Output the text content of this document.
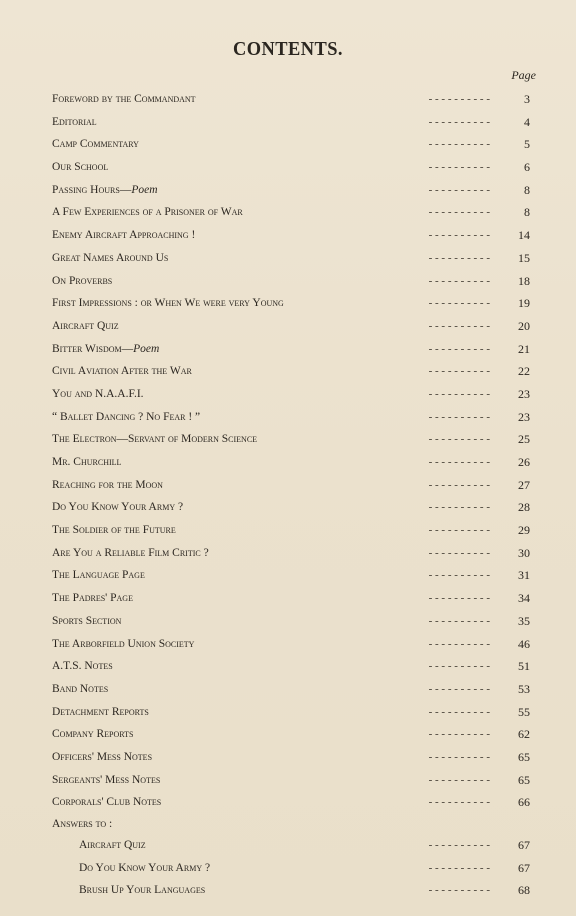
CONTENTS.
Page
- - - - - - - - - -
Foreword by the Commandant	3
- - - - - - - - - -
Editorial	4
- - - - - - - - - -
Camp Commentary	5
- - - - - - - - - -
Our School	6
- - - - - - - - - -
Passing Hours—Poem	8
- - - - - - - - - -
A Few Experiences of a Prisoner of War	8
- - - - - - - - - -
Enemy Aircraft Approaching !	14
- - - - - - - - - -
Great Names Around Us	15
- - - - - - - - - -
On Proverbs	18
- - - - - - - - - -
First Impressions : or When We were very Young	19
- - - - - - - - - -
Aircraft Quiz	20
- - - - - - - - - -
Bitter Wisdom—Poem	21
- - - - - - - - - -
Civil Aviation After the War	22
- - - - - - - - - -
You and N.A.A.F.I.	23
- - - - - - - - - -
“ Ballet Dancing ? No Fear ! ”	23
- - - - - - - - - -
The Electron—Servant of Modern Science	25
- - - - - - - - - -
Mr. Churchill	26
- - - - - - - - - -
Reaching for the Moon	27
- - - - - - - - - -
Do You Know Your Army ?	28
- - - - - - - - - -
The Soldier of the Future	29
- - - - - - - - - -
Are You a Reliable Film Critic ?	30
- - - - - - - - - -
The Language Page	31
- - - - - - - - - -
The Padres' Page	34
- - - - - - - - - -
Sports Section	35
- - - - - - - - - -
The Arborfield Union Society	46
- - - - - - - - - -
A.T.S. Notes	51
- - - - - - - - - -
Band Notes	53
- - - - - - - - - -
Detachment Reports	55
- - - - - - - - - -
Company Reports	62
- - - - - - - - - -
Officers' Mess Notes	65
- - - - - - - - - -
Sergeants' Mess Notes	65
- - - - - - - - - -
Corporals' Club Notes	66
Answers to :
- - - - - - - - - -
Aircraft Quiz	67
- - - - - - - - - -
Do You Know Your Army ?	67
- - - - - - - - - -
Brush Up Your Languages	68
